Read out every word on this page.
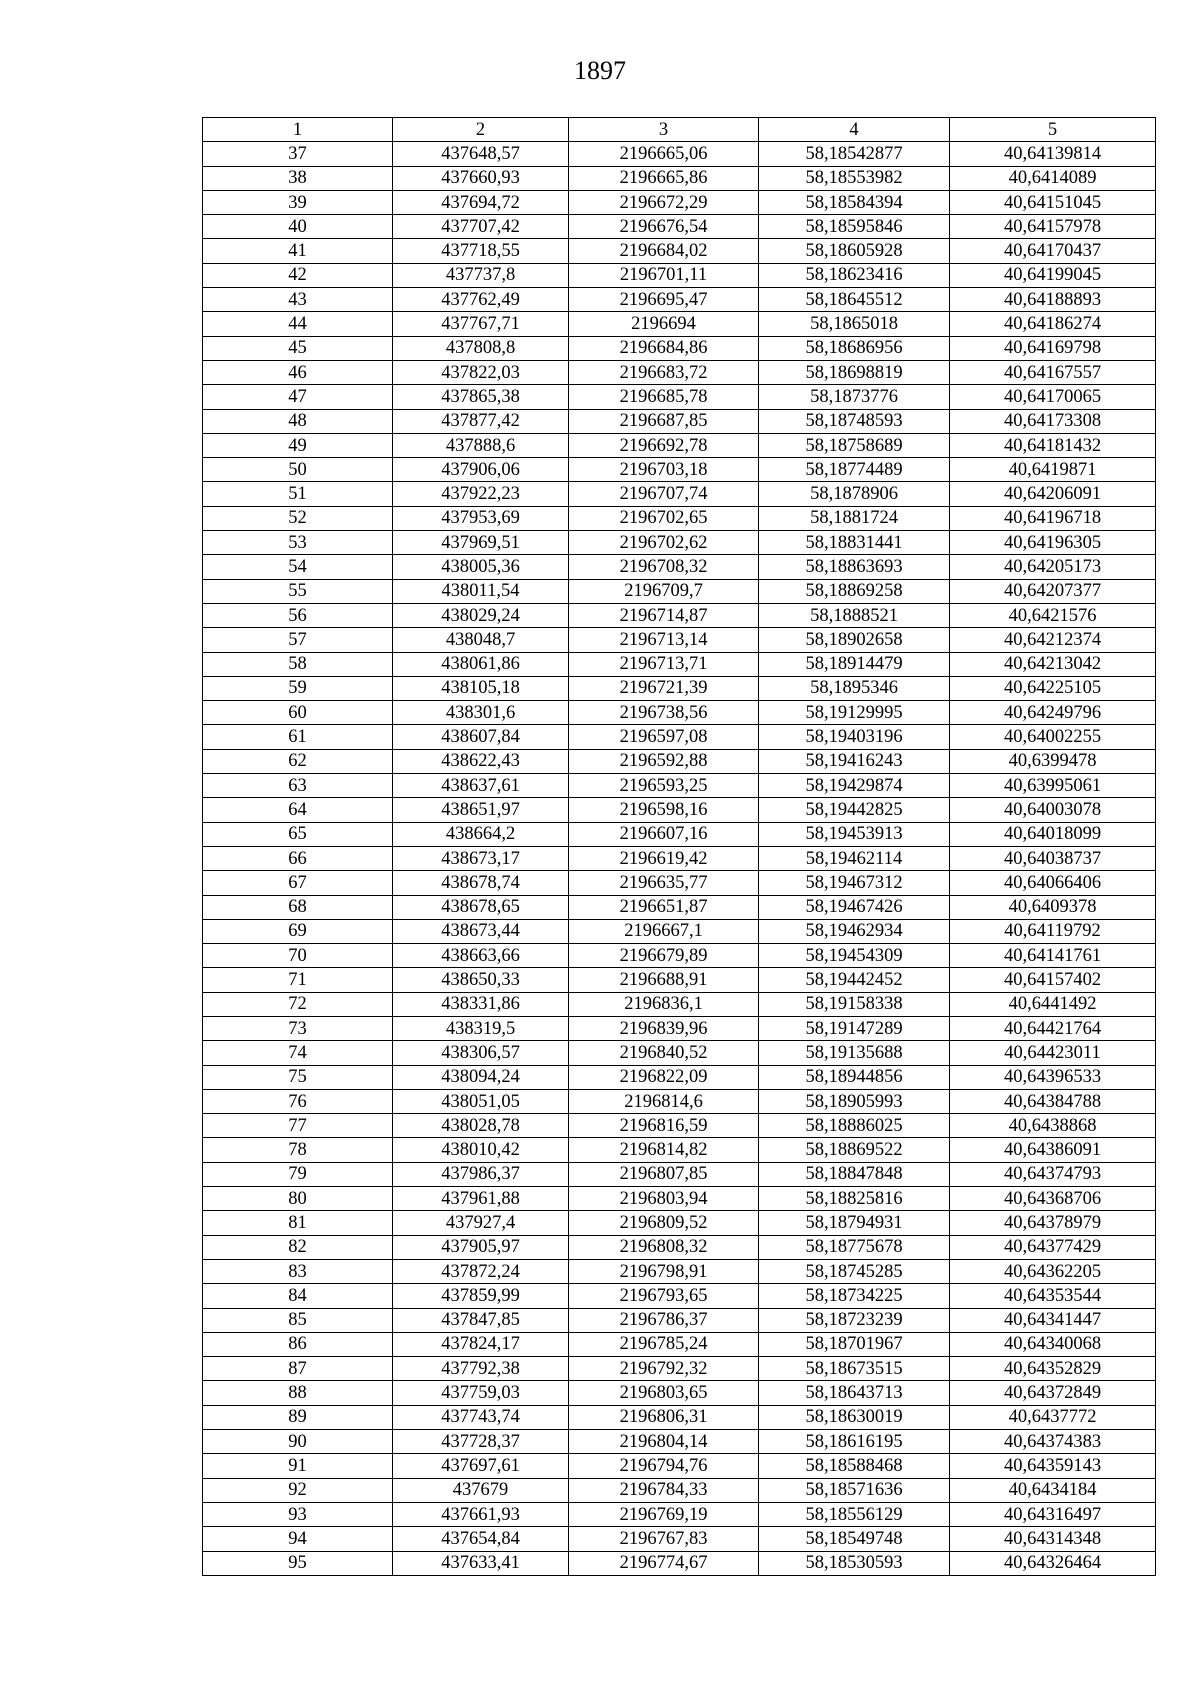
1897
1	2	3	4	5
37	437648,57	2196665,06	58,18542877	40,64139814
38	437660,93	2196665,86	58,18553982	40,6414089
39	437694,72	2196672,29	58,18584394	40,64151045
40	437707,42	2196676,54	58,18595846	40,64157978
41	437718,55	2196684,02	58,18605928	40,64170437
42	437737,8	2196701,11	58,18623416	40,64199045
43	437762,49	2196695,47	58,18645512	40,64188893
44	437767,71	2196694	58,1865018	40,64186274
45	437808,8	2196684,86	58,18686956	40,64169798
46	437822,03	2196683,72	58,18698819	40,64167557
47	437865,38	2196685,78	58,1873776	40,64170065
48	437877,42	2196687,85	58,18748593	40,64173308
49	437888,6	2196692,78	58,18758689	40,64181432
50	437906,06	2196703,18	58,18774489	40,6419871
51	437922,23	2196707,74	58,1878906	40,64206091
52	437953,69	2196702,65	58,1881724	40,64196718
53	437969,51	2196702,62	58,18831441	40,64196305
54	438005,36	2196708,32	58,18863693	40,64205173
55	438011,54	2196709,7	58,18869258	40,64207377
56	438029,24	2196714,87	58,1888521	40,6421576
57	438048,7	2196713,14	58,18902658	40,64212374
58	438061,86	2196713,71	58,18914479	40,64213042
59	438105,18	2196721,39	58,1895346	40,64225105
60	438301,6	2196738,56	58,19129995	40,64249796
61	438607,84	2196597,08	58,19403196	40,64002255
62	438622,43	2196592,88	58,19416243	40,6399478
63	438637,61	2196593,25	58,19429874	40,63995061
64	438651,97	2196598,16	58,19442825	40,64003078
65	438664,2	2196607,16	58,19453913	40,64018099
66	438673,17	2196619,42	58,19462114	40,64038737
67	438678,74	2196635,77	58,19467312	40,64066406
68	438678,65	2196651,87	58,19467426	40,6409378
69	438673,44	2196667,1	58,19462934	40,64119792
70	438663,66	2196679,89	58,19454309	40,64141761
71	438650,33	2196688,91	58,19442452	40,64157402
72	438331,86	2196836,1	58,19158338	40,6441492
73	438319,5	2196839,96	58,19147289	40,64421764
74	438306,57	2196840,52	58,19135688	40,64423011
75	438094,24	2196822,09	58,18944856	40,64396533
76	438051,05	2196814,6	58,18905993	40,64384788
77	438028,78	2196816,59	58,18886025	40,6438868
78	438010,42	2196814,82	58,18869522	40,64386091
79	437986,37	2196807,85	58,18847848	40,64374793
80	437961,88	2196803,94	58,18825816	40,64368706
81	437927,4	2196809,52	58,18794931	40,64378979
82	437905,97	2196808,32	58,18775678	40,64377429
83	437872,24	2196798,91	58,18745285	40,64362205
84	437859,99	2196793,65	58,18734225	40,64353544
85	437847,85	2196786,37	58,18723239	40,64341447
86	437824,17	2196785,24	58,18701967	40,64340068
87	437792,38	2196792,32	58,18673515	40,64352829
88	437759,03	2196803,65	58,18643713	40,64372849
89	437743,74	2196806,31	58,18630019	40,6437772
90	437728,37	2196804,14	58,18616195	40,64374383
91	437697,61	2196794,76	58,18588468	40,64359143
92	437679	2196784,33	58,18571636	40,6434184
93	437661,93	2196769,19	58,18556129	40,64316497
94	437654,84	2196767,83	58,18549748	40,64314348
95	437633,41	2196774,67	58,18530593	40,64326464
